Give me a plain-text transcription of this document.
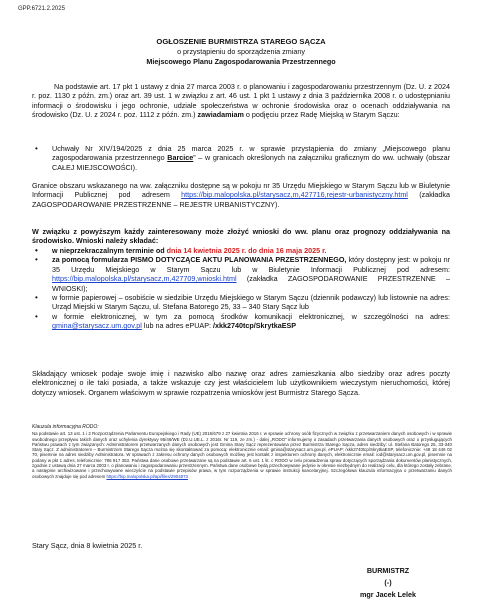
GPP.6721.2.2025
OGŁOSZENIE BURMISTRZA STAREGO SĄCZA
o przystąpieniu do sporządzenia zmiany
Miejscowego Planu Zagospodarowania Przestrzennego
Na podstawie art. 17 pkt 1 ustawy z dnia 27 marca 2003 r. o planowaniu i zagospodarowaniu przestrzennym (Dz. U. z 2024 r. poz. 1130 z późn. zm.) oraz art. 39 ust. 1 w związku z art. 46 ust. 1 pkt 1 ustawy z dnia 3 października 2008 r. o udostępnianiu informacji o środowisku i jego ochronie, udziale społeczeństwa w ochronie środowiska oraz o ocenach oddziaływania na środowisko (Dz. U. z 2024 r. poz. 1112 z późn. zm.) zawiadamiam o podjęciu przez Radę Miejską w Starym Sączu:

• Uchwały Nr XIV/194/2025 z dnia 25 marca 2025 r. w sprawie przystąpienia do zmiany „Miejscowego planu zagospodarowania przestrzennego Barcice” – w granicach określonych na załączniku graficznym do ww. uchwały (obszar CAŁEJ MIEJSCOWOŚCI).

Granice obszaru wskazanego na ww. załączniku dostępne są w pokoju nr 35 Urzędu Miejskiego w Starym Sączu lub w Biuletynie Informacji Publicznej pod adresem https://bip.malopolska.pl/starysacz,m,427716,rejestr-urbanistyczny.html (zakładka ZAGOSPODAROWANIE PRZESTRZENNE – REJESTR URBANISTYCZNY).
W związku z powyższym każdy zainteresowany może złożyć wnioski do ww. planu oraz prognozy oddziaływania na środowisko. Wnioski należy składać:

• w nieprzekraczalnym terminie od dnia 14 kwietnia 2025 r. do dnia 16 maja 2025 r.

• za pomocą formularza PISMO DOTYCZĄCE AKTU PLANOWANIA PRZESTRZENNEGO, który dostępny jest: w pokoju nr 35 Urzędu Miejskiego w Starym Sączu lub w Biuletynie Informacji Publicznej pod adresem: https://bip.malopolska.pl/starysacz,m,427709,wnioski.html (zakładka ZAGOSPODAROWANIE PRZESTRZENNE – WNIOSKI);

• w formie papierowej – osobiście w siedzibie Urzędu Miejskiego w Starym Sączu (dziennik podawczy) lub listownie na adres: Urząd Miejski w Starym Sączu, ul. Stefana Batorego 25, 33 – 340 Stary Sącz lub

• w formie elektronicznej, w tym za pomocą środków komunikacji elektronicznej, w szczególności na adres: gmina@starysacz.um.gov.pl lub na adres ePUAP: /xkk2740tcp/SkrytkaESP

Składający wniosek podaje swoje imię i nazwisko albo nazwę oraz adres zamieszkania albo siedziby oraz adres poczty elektronicznej o ile taki posiada, a także wskazuje czy jest właścicielem lub użytkownikiem wieczystym nieruchomości, której dotyczy wniosek. Organem właściwym w sprawie rozpatrzenia wniosków jest Burmistrz Starego Sącza.
Klauzula informacyjna RODO:
Na podstawie art. 13 ust. 1 i 2 Rozporządzenia Parlamentu Europejskiego i Rady (UE) 2016/679 z 27 kwietnia 2016 r. w sprawie ochrony osób fizycznych w związku z przetwarzaniem danych osobowych i w sprawie swobodnego przepływu takich danych oraz uchylenia dyrektywy 95/46/WE (Dz.U.UE.L. z 2016r. Nr 119, ze zm.) - dalej „RODO” informujemy o zasadach przetwarzania danych osobowych oraz o przysługujących Państwu prawach z tym związanych: Administratorem przetwarzanych danych osobowych jest Gmina Stary Sącz reprezentowana przez Burmistrza Starego Sącza, adres siedziby: ul. Stefana Batorego 25, 33-340 Stary Sącz. Z administratorem – Burmistrzem Starego Sącza można się skontaktować za pomocą: elektronicznie email: gmina@starysacz.um.gov.pl, ePUAP: /xkk2740tcp/SkrytkaESP, telefonicznie: +48 18 446 02 70, pisemnie na adres siedziby Administratora. W sprawach z zakresu ochrony danych osobowych możliwy jest kontakt z inspektorem ochrony danych, elektronicznie email: iod@starysacz.um.gov.pl, pisemnie na podany w pkt 1 adres, telefonicznie: 786 917 353. Państwa dane osobowe przetwarzane są na podstawie art. 6 ust. 1 lit. c RODO w celu prowadzenia spraw dotyczących sporządzania dokumentów planistycznych, zgodnie z ustawą dnia 27 marca 2003 r. o planowaniu i zagospodarowaniu przestrzennym. Państwa dane osobowe będą przechowywane jedynie w okresie niezbędnym do realizacji celu, dla którego zostały zebrane, a następnie archiwizowane i przechowywane wieczyście na podstawie przepisów prawa, w tym rozporządzenia w sprawie instrukcji kancelaryjnej. Szczegółowa klauzula informacyjna o przetwarzaniu danych osobowych znajduje się pod adresem https://bip.malopolska.pl/api/files/2904873
Stary Sącz, dnia 8 kwietnia 2025 r.
BURMISTRZ
(-)
mgr Jacek Lelek
